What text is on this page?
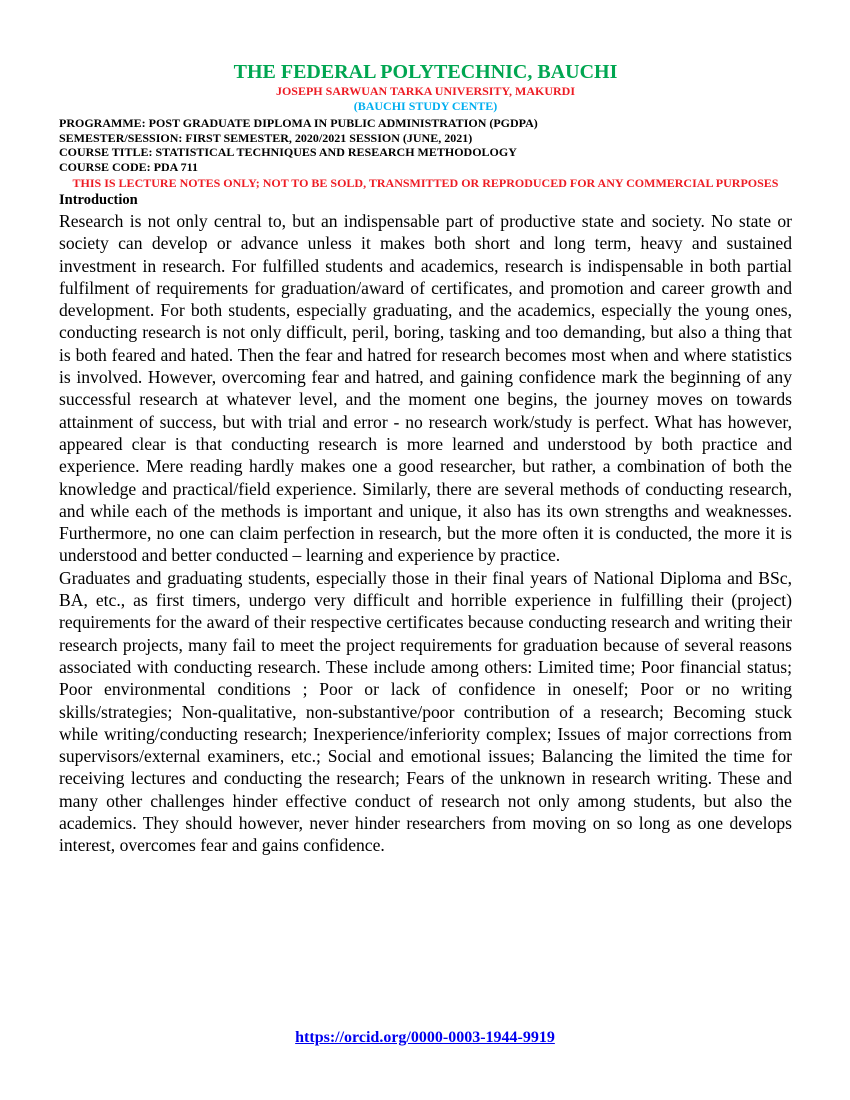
THE FEDERAL POLYTECHNIC, BAUCHI

JOSEPH SARWUAN TARKA UNIVERSITY, MAKURDI

(BAUCHI STUDY CENTE)

PROGRAMME: POST GRADUATE DIPLOMA IN PUBLIC ADMINISTRATION (PGDPA)

SEMESTER/SESSION: FIRST SEMESTER, 2020/2021 SESSION (JUNE, 2021)

COURSE TITLE: STATISTICAL TECHNIQUES AND RESEARCH METHODOLOGY

COURSE CODE: PDA 711

THIS IS LECTURE NOTES ONLY; NOT TO BE SOLD, TRANSMITTED OR REPRODUCED FOR ANY COMMERCIAL PURPOSES

Introduction

Research is not only central to, but an indispensable part of productive state and society. No state or society can develop or advance unless it makes both short and long term, heavy and sustained investment in research. For fulfilled students and academics, research is indispensable in both partial fulfilment of requirements for graduation/award of certificates, and promotion and career growth and development. For both students, especially graduating, and the academics, especially the young ones, conducting research is not only difficult, peril, boring, tasking and too demanding, but also a thing that is both feared and hated. Then the fear and hatred for research becomes most when and where statistics is involved. However, overcoming fear and hatred, and gaining confidence mark the beginning of any successful research at whatever level, and the moment one begins, the journey moves on towards attainment of success, but with trial and error - no research work/study is perfect. What has however, appeared clear is that conducting research is more learned and understood by both practice and experience. Mere reading hardly makes one a good researcher, but rather, a combination of both the knowledge and practical/field experience. Similarly, there are several methods of conducting research, and while each of the methods is important and unique, it also has its own strengths and weaknesses. Furthermore, no one can claim perfection in research, but the more often it is conducted, the more it is understood and better conducted – learning and experience by practice.

Graduates and graduating students, especially those in their final years of National Diploma and BSc, BA, etc., as first timers, undergo very difficult and horrible experience in fulfilling their (project) requirements for the award of their respective certificates because conducting research and writing their research projects, many fail to meet the project requirements for graduation because of several reasons associated with conducting research. These include among others: Limited time; Poor financial status; Poor environmental conditions ; Poor or lack of confidence in oneself; Poor or no writing skills/strategies; Non-qualitative, non-substantive/poor contribution of a research; Becoming stuck while writing/conducting research; Inexperience/inferiority complex; Issues of major corrections from supervisors/external examiners, etc.; Social and emotional issues; Balancing the limited the time for receiving lectures and conducting the research; Fears of the unknown in research writing. These and many other challenges hinder effective conduct of research not only among students, but also the academics. They should however, never hinder researchers from moving on so long as one develops interest, overcomes fear and gains confidence.

https://orcid.org/0000-0003-1944-9919
